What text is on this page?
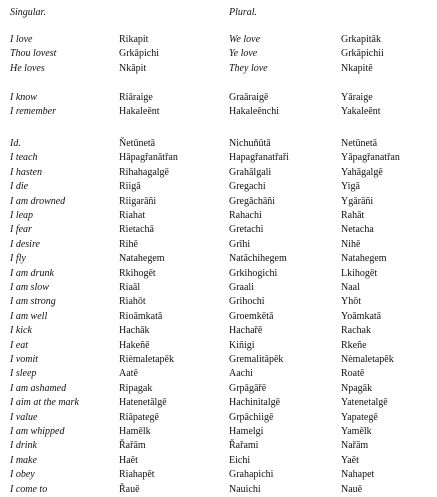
Singular.	Plural.
I love	Rikapit	We love	Grkapitāk
Thou lovest	Grkāpichì	Ye love	Grkāpichii
He loves	Nkāpit	They love	Nkapitē
I know	Riāraige	Graāraigē	Yāraige
I remember	Hakaleēnt	Hakaleēnchi	Yakaleēnt
Id.	Ňetūnetā	Nichuňūtā	Netūnetā
I teach	Hāpagřanātřan	Hapagřanatřaři	Yāpagřanatřan
I hasten	Rihahagalgē	Grahālgali	Yahāgalgē
I die	Riigā	Gregachi	Yigā
I am drowned	Riigarāñi	Gregāchāñi	Ygārāñi
I leap	Riahat	Rahachi	Rahāt
I fear	Rietachā	Gretachi	Netacha
I desire	Rihē	Grīhi	Nihē
I fly	Natahegem	Natāchihegem	Natahegem
I am drunk	Rkihogēt	Grkihogichi	Lkihogēt
I am slow	Riaāl	Graali	Naal
I am strong	Riahōt	Grihochi	Yhōt
I am well	Rioāmkatā	Groemkētā	Yoāmkatā
I kick	Hachāk	Hachařē	Rachak
I eat	Hakeñē	Kiñigi	Rkeñe
I vomit	Rièmaletapēk	Gremalitāpēk	Nèmaletapēk
I sleep	Aatē	Aachi	Roatē
I am ashamed	Ripagak	Grpāgāřē	Npagāk
I aim at the mark	Hatenetālgē	Hachinitalgē	Yatenetalgē
I value	Riāpategē	Grpāchiigē	Yapategē
I am whipped	Hamēlk	Hamelgi	Yamēlk
I drink	Řařām	Řařami	Nařām
I make	Haēt	Eichi	Yaēt
I obey	Riahapēt	Grahapichi	Nahapet
I come to	Řauē	Nauichi	Nauē
